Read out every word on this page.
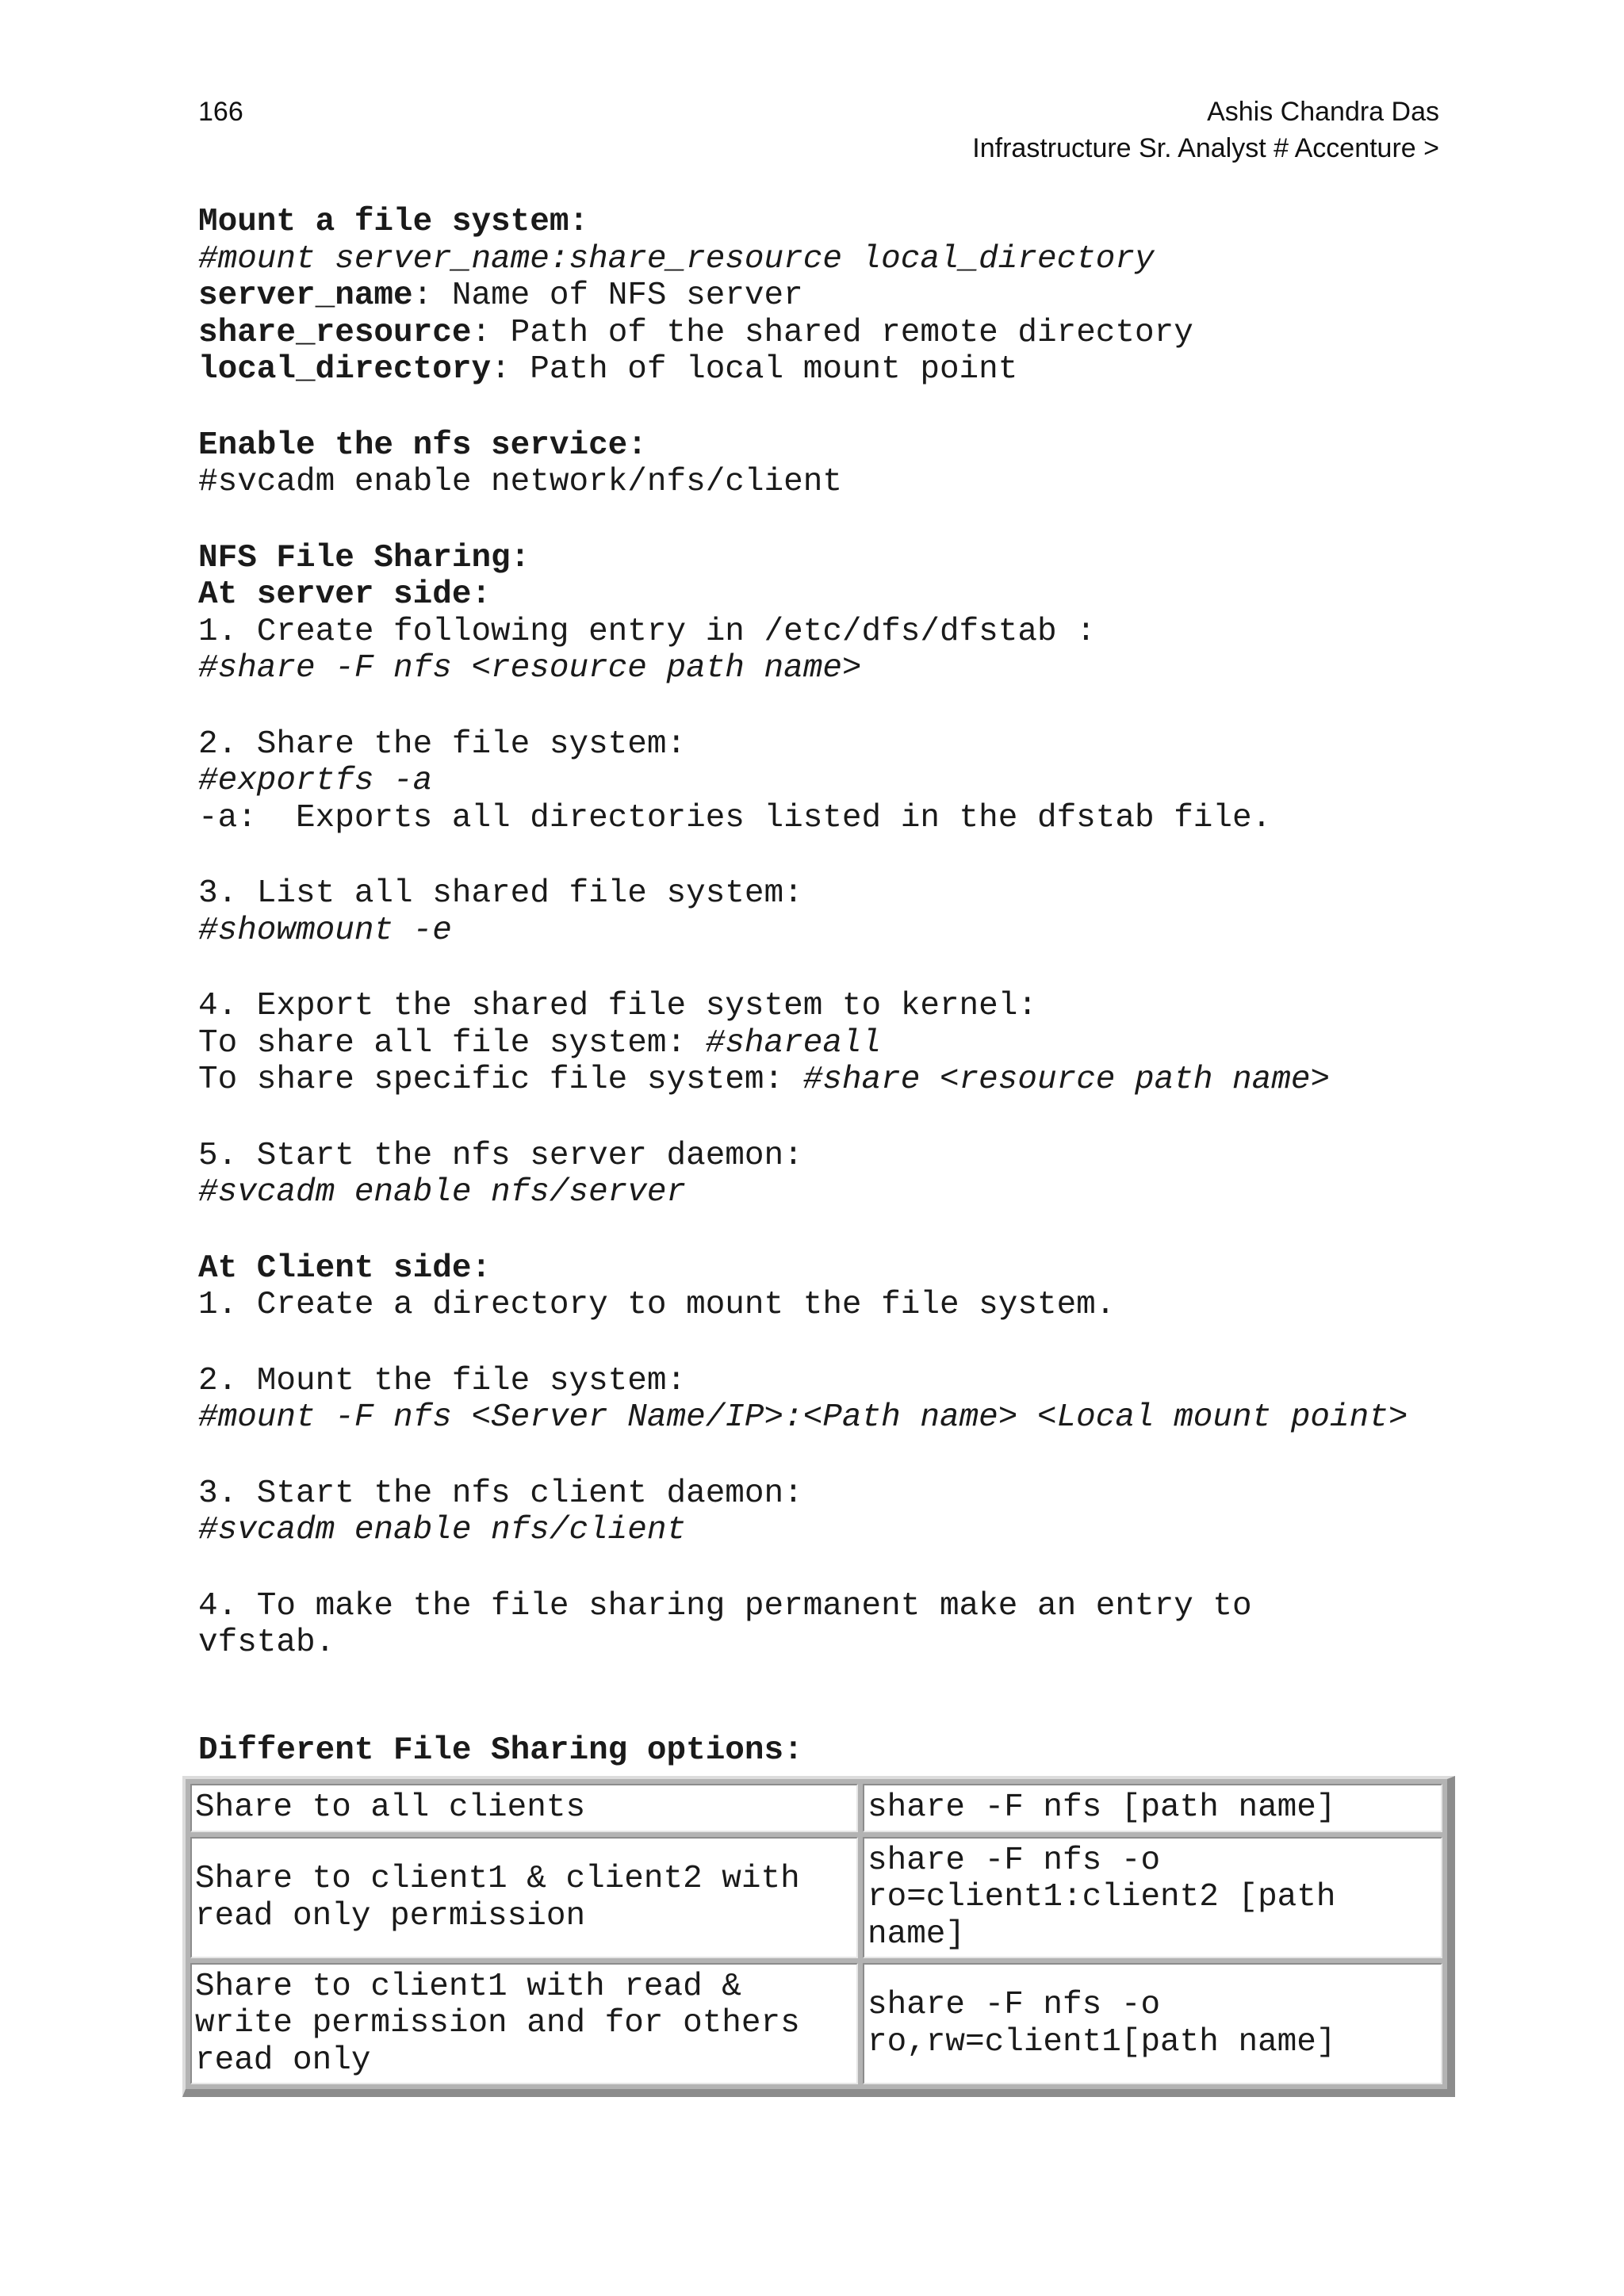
166	Ashis Chandra Das
Infrastructure Sr. Analyst # Accenture >
Mount a file system:
#mount server_name:share_resource local_directory
server_name: Name of NFS server
share_resource: Path of the shared remote directory
local_directory: Path of local mount point
Enable the nfs service:
#svcadm enable network/nfs/client
NFS File Sharing:
At server side:
1. Create following entry in /etc/dfs/dfstab :
#share -F nfs <resource path name>
2. Share the file system:
#exportfs -a
-a:  Exports all directories listed in the dfstab file.
3. List all shared file system:
#showmount -e
4. Export the shared file system to kernel:
To share all file system: #shareall
To share specific file system: #share <resource path name>
5. Start the nfs server daemon:
#svcadm enable nfs/server
At Client side:
1. Create a directory to mount the file system.
2. Mount the file system:
#mount -F nfs <Server Name/IP>:<Path name> <Local mount point>
3. Start the nfs client daemon:
#svcadm enable nfs/client
4. To make the file sharing permanent make an entry to
vfstab.
Different File Sharing options:
Share to all clients	share -F nfs [path name]
Share to client1 & client2 with read only permission	share -F nfs -o ro=client1:client2 [path name]
Share to client1 with read & write permission and for others read only	share -F nfs -o ro,rw=client1[path name]
